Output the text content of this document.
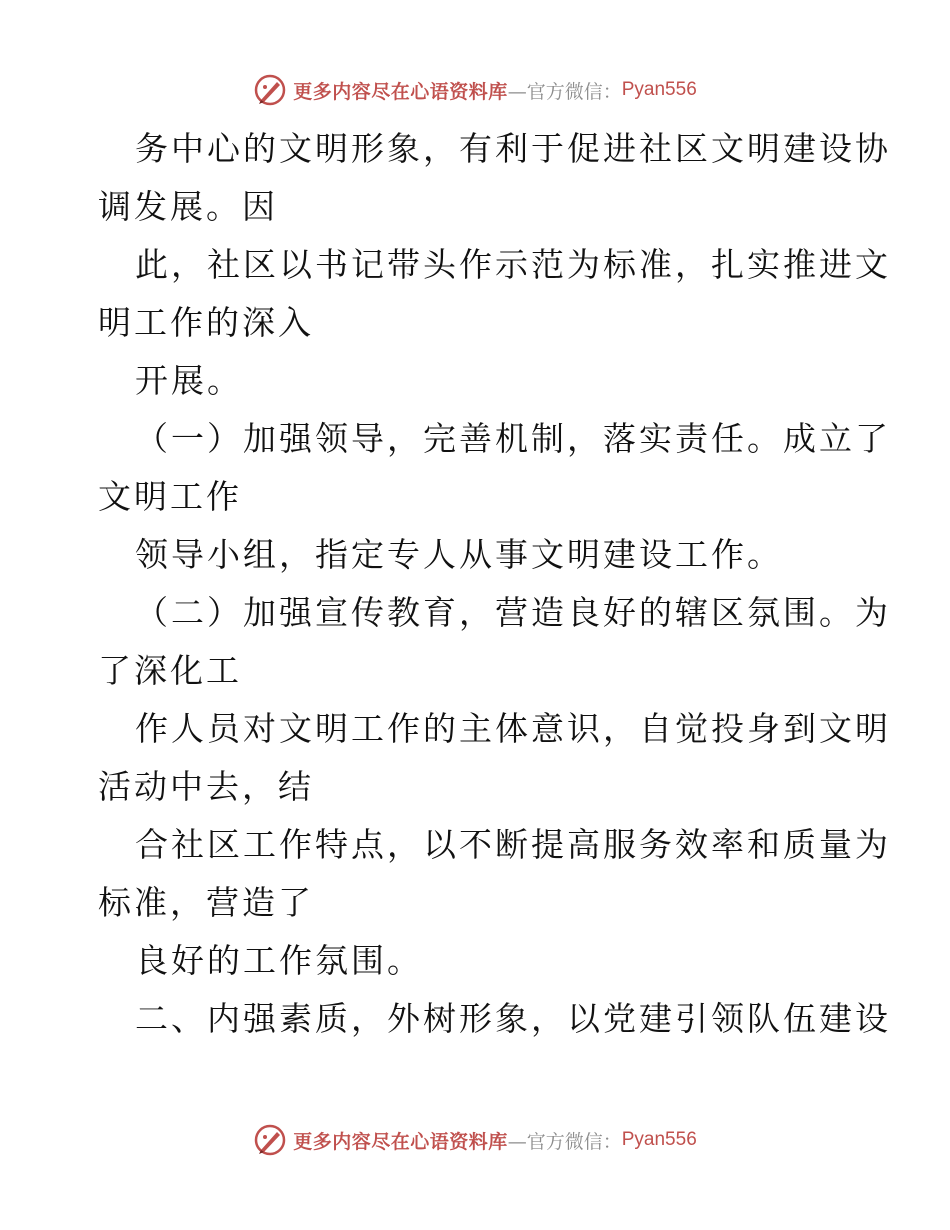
更多内容尽在心语资料库 —官方微信： Pyan556
务中心的文明形象，有利于促进社区文明建设协
调发展。因
此，社区以书记带头作示范为标准，扎实推进文
明工作的深入
开展。
（一）加强领导，完善机制，落实责任。成立了
文明工作
领导小组，指定专人从事文明建设工作。
（二）加强宣传教育，营造良好的辖区氛围。为
了深化工
作人员对文明工作的主体意识，自觉投身到文明
活动中去，结
合社区工作特点，以不断提高服务效率和质量为
标准，营造了
良好的工作氛围。
二、内强素质，外树形象，以党建引领队伍建设
更多内容尽在心语资料库 —官方微信： Pyan556
